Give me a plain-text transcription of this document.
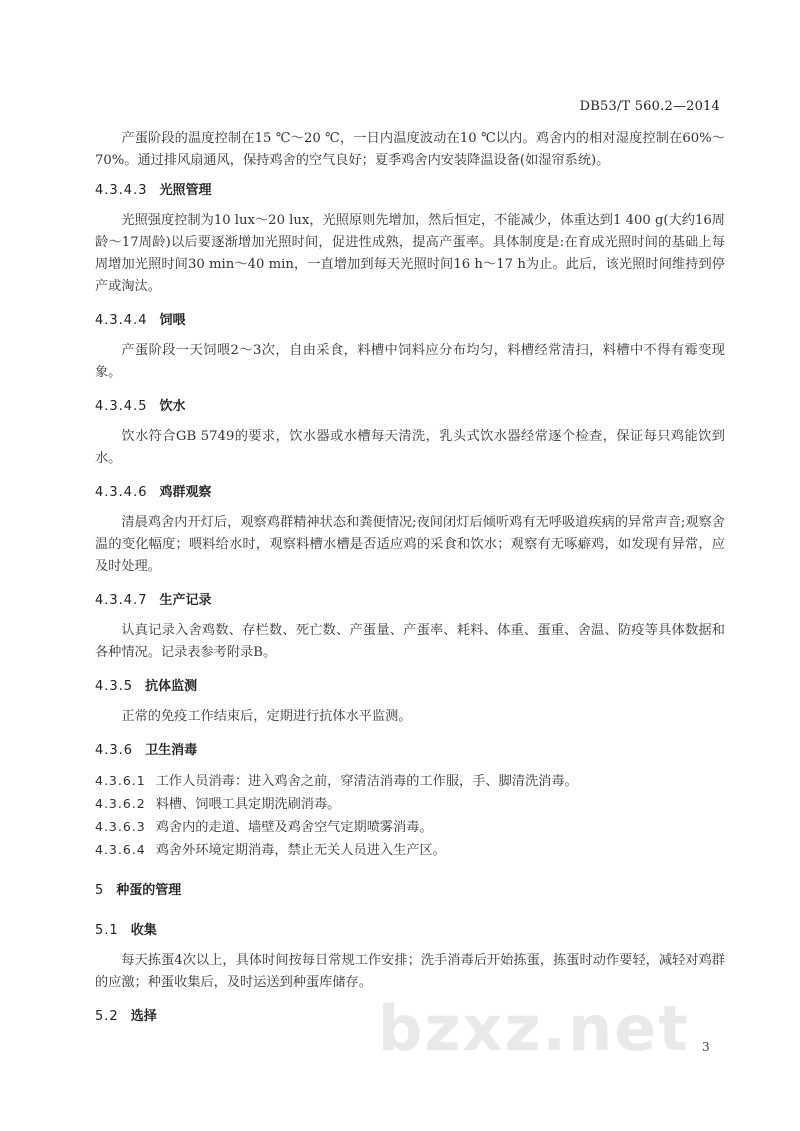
DB53/T 560.2—2014

产蛋阶段的温度控制在15 ℃～20 ℃，一日内温度波动在10 ℃以内。鸡舍内的相对湿度控制在60%～70%。通过排风扇通风，保持鸡舍的空气良好；夏季鸡舍内安装降温设备(如湿帘系统)。

4.3.4.3 光照管理

光照强度控制为10 lux～20 lux，光照原则先增加，然后恒定，不能减少，体重达到1 400 g(大约16周龄～17周龄)以后要逐渐增加光照时间，促进性成熟，提高产蛋率。具体制度是:在育成光照时间的基础上每周增加光照时间30 min～40 min，一直增加到每天光照时间16 h～17 h为止。此后，该光照时间维持到停产或淘汰。

4.3.4.4 饲喂

产蛋阶段一天饲喂2～3次，自由采食，料槽中饲料应分布均匀，料槽经常清扫，料槽中不得有霉变现象。

4.3.4.5 饮水

饮水符合GB 5749的要求，饮水器或水槽每天清洗，乳头式饮水器经常逐个检查，保证每只鸡能饮到水。

4.3.4.6 鸡群观察

清晨鸡舍内开灯后，观察鸡群精神状态和粪便情况;夜间闭灯后倾听鸡有无呼吸道疾病的异常声音;观察舍温的变化幅度；喂料给水时，观察料槽水槽是否适应鸡的采食和饮水；观察有无啄癖鸡，如发现有异常，应及时处理。

4.3.4.7 生产记录

认真记录入舍鸡数、存栏数、死亡数、产蛋量、产蛋率、耗料、体重、蛋重、舍温、防疫等具体数据和各种情况。记录表参考附录B。

4.3.5 抗体监测

正常的免疫工作结束后，定期进行抗体水平监测。

4.3.6 卫生消毒

4.3.6.1 工作人员消毒：进入鸡舍之前，穿清洁消毒的工作服，手、脚清洗消毒。

4.3.6.2 料槽、饲喂工具定期洗刷消毒。

4.3.6.3 鸡舍内的走道、墙壁及鸡舍空气定期喷雾消毒。

4.3.6.4 鸡舍外环境定期消毒，禁止无关人员进入生产区。

5 种蛋的管理

5.1 收集

每天拣蛋4次以上，具体时间按每日常规工作安排；洗手消毒后开始拣蛋，拣蛋时动作要轻，减轻对鸡群的应激；种蛋收集后，及时运送到种蛋库储存。

5.2 选择	bzxz.net 3
